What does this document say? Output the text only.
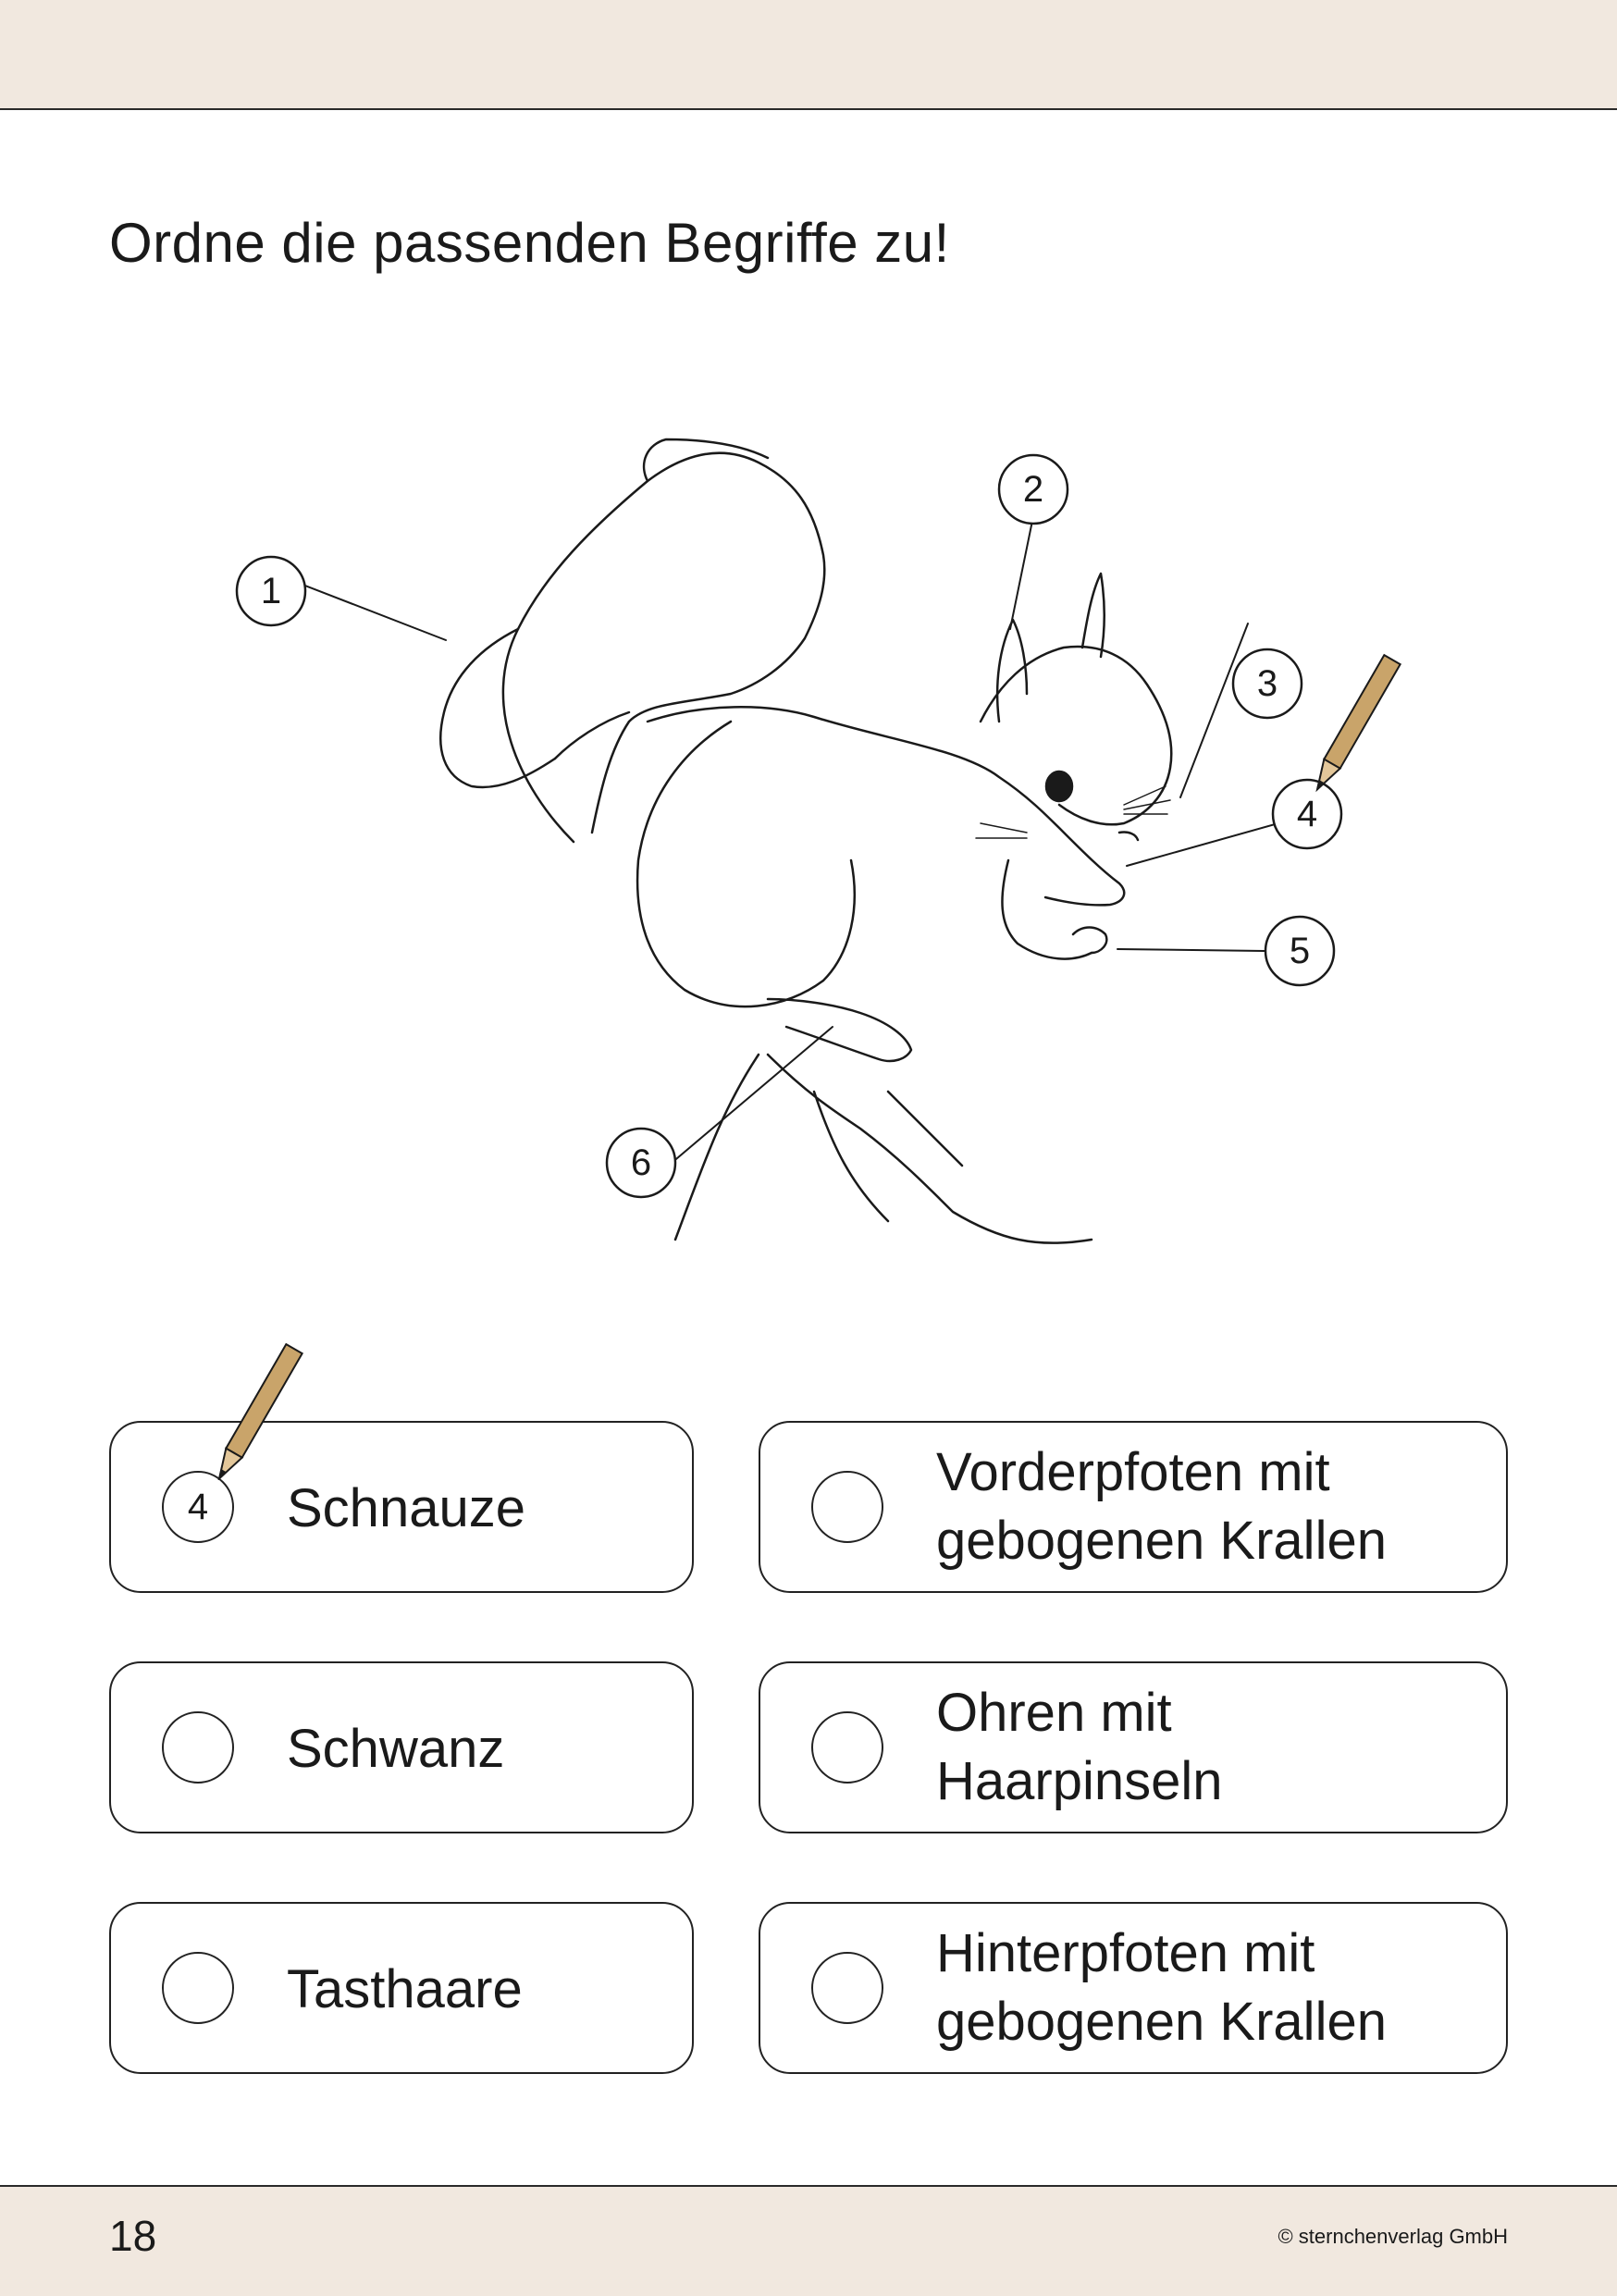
Ordne die passenden Begriffe zu!
1
2
3
4
5
6
4	Schnauze
Vorderpfoten mit
gebogenen Krallen
Schwanz
Ohren mit
Haarpinseln
Tasthaare
Hinterpfoten mit
gebogenen Krallen
18	© sternchenverlag GmbH
